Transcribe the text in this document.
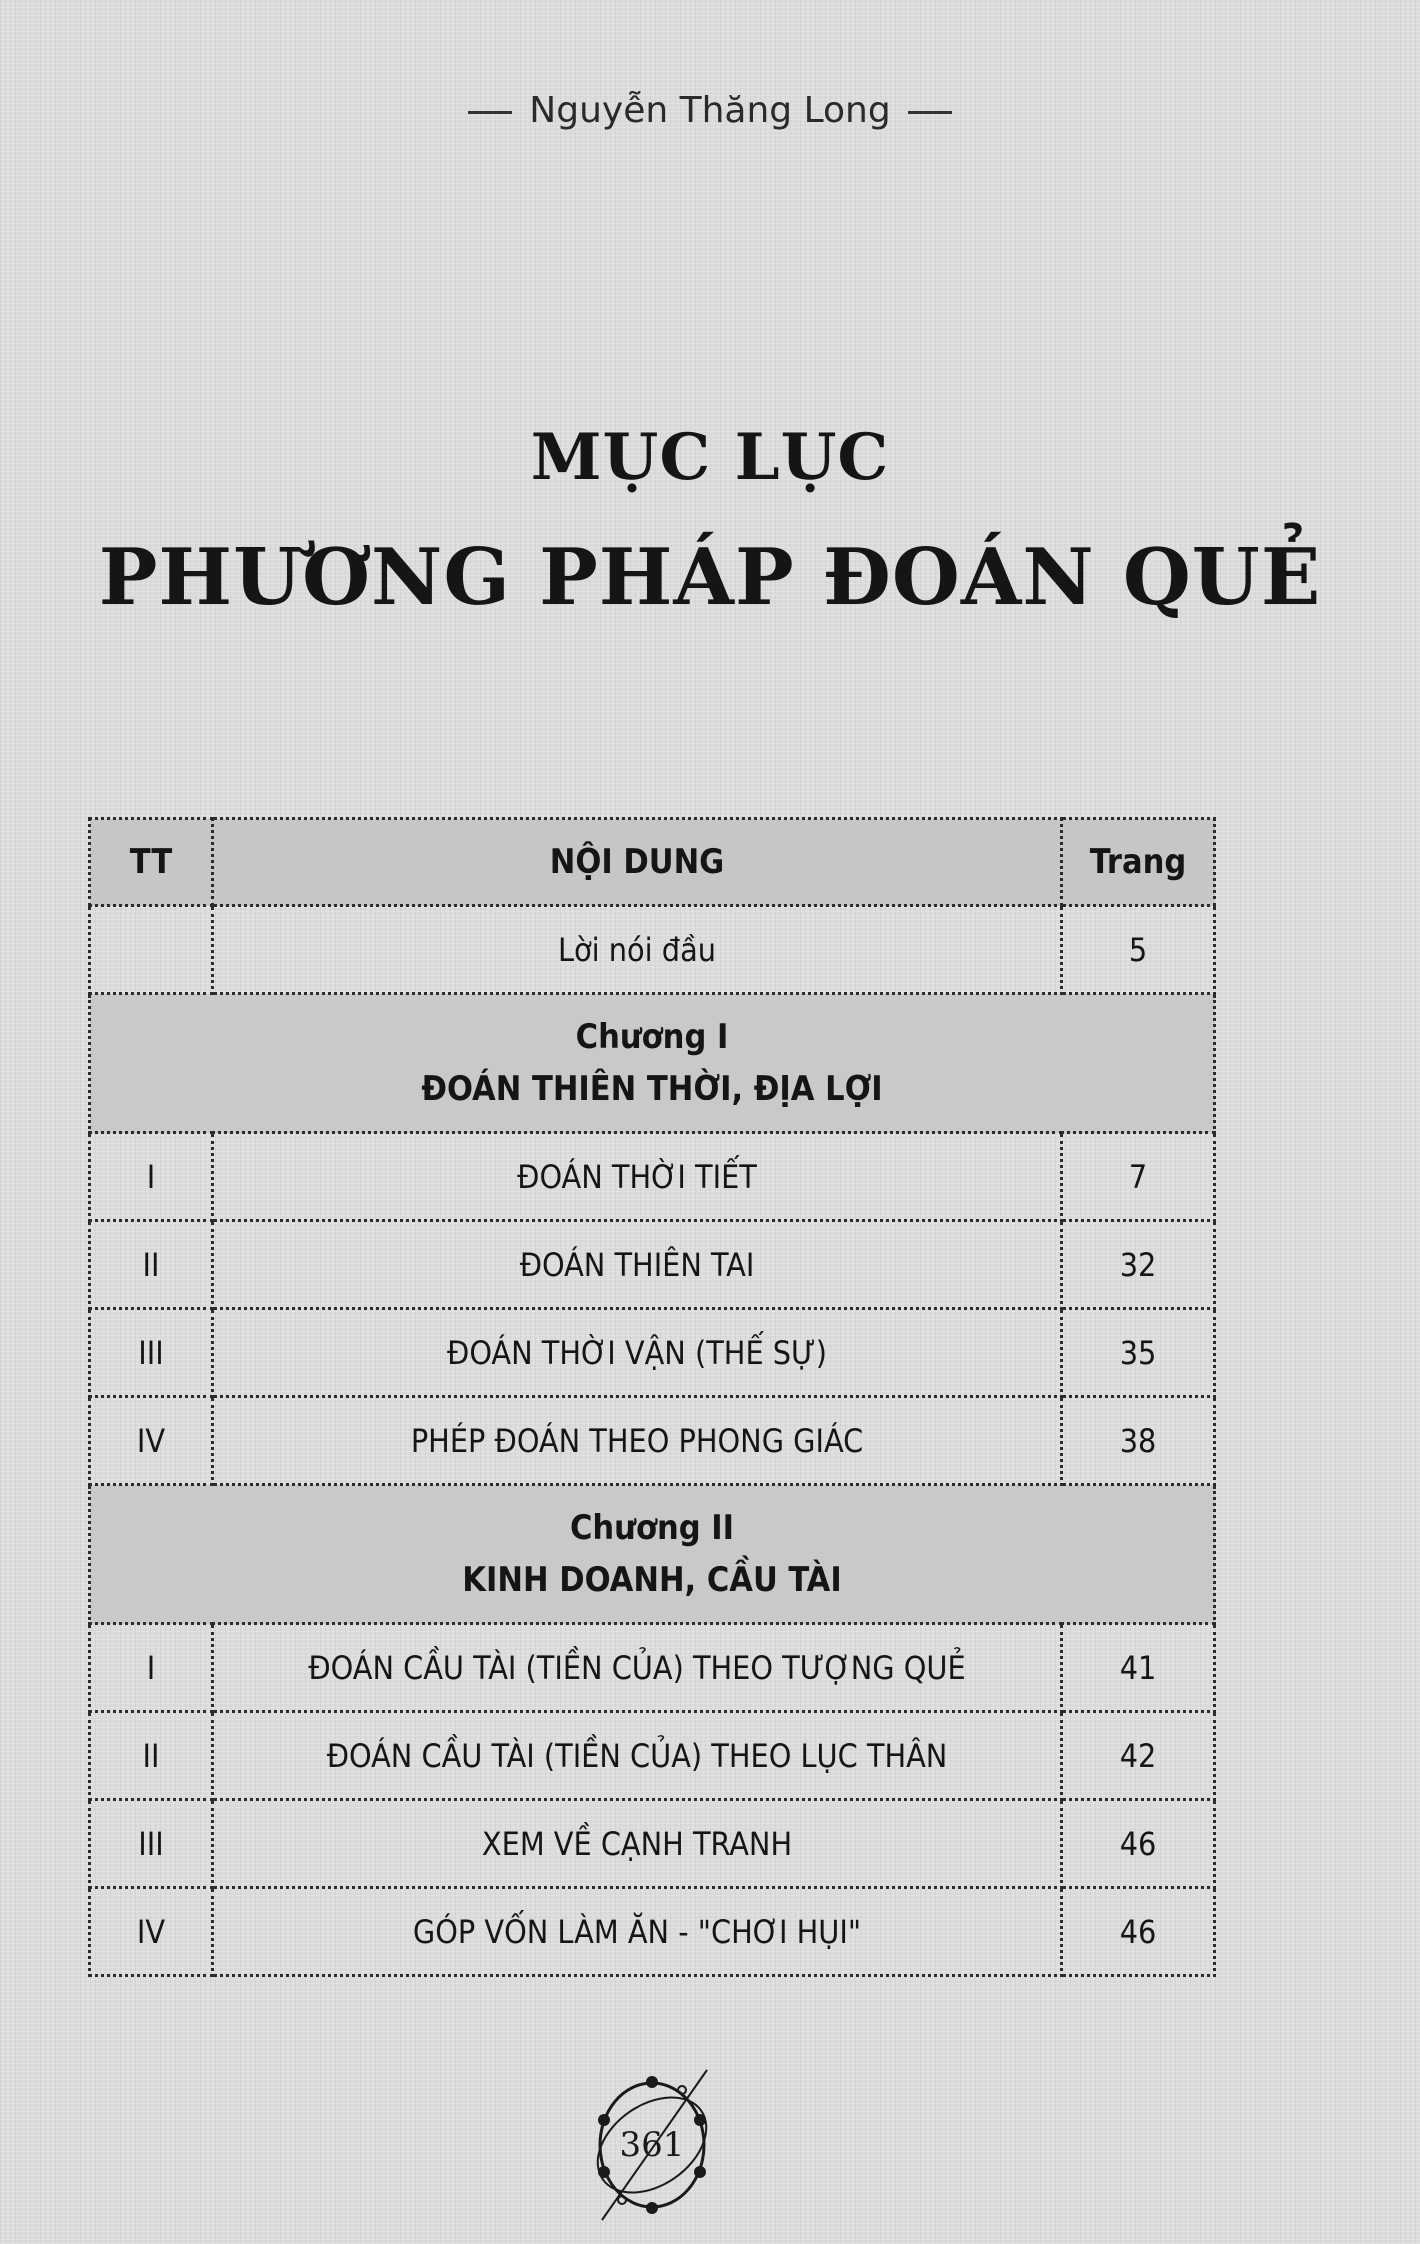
Nguyễn Thăng Long
MỤC LỤC
PHƯƠNG PHÁP ĐOÁN QUẺ
TT	NỘI DUNG	Trang
	Lời nói đầu	5

Chương I
ĐOÁN THIÊN THỜI, ĐỊA LỢI		

I	ĐOÁN THỜI TIẾT	7
II	ĐOÁN THIÊN TAI	32
III	ĐOÁN THỜI VẬN (THẾ SỰ)	35
IV	PHÉP ĐOÁN THEO PHONG GIÁC	38

Chương II
KINH DOANH, CẦU TÀI		

I	ĐOÁN CẦU TÀI (TIỀN CỦA) THEO TƯỢNG QUẺ	41
II	ĐOÁN CẦU TÀI (TIỀN CỦA) THEO LỤC THÂN	42
III	XEM VỀ CẠNH TRANH	46
IV	GÓP VỐN LÀM ĂN - "CHƠI HỤI"	46
361
